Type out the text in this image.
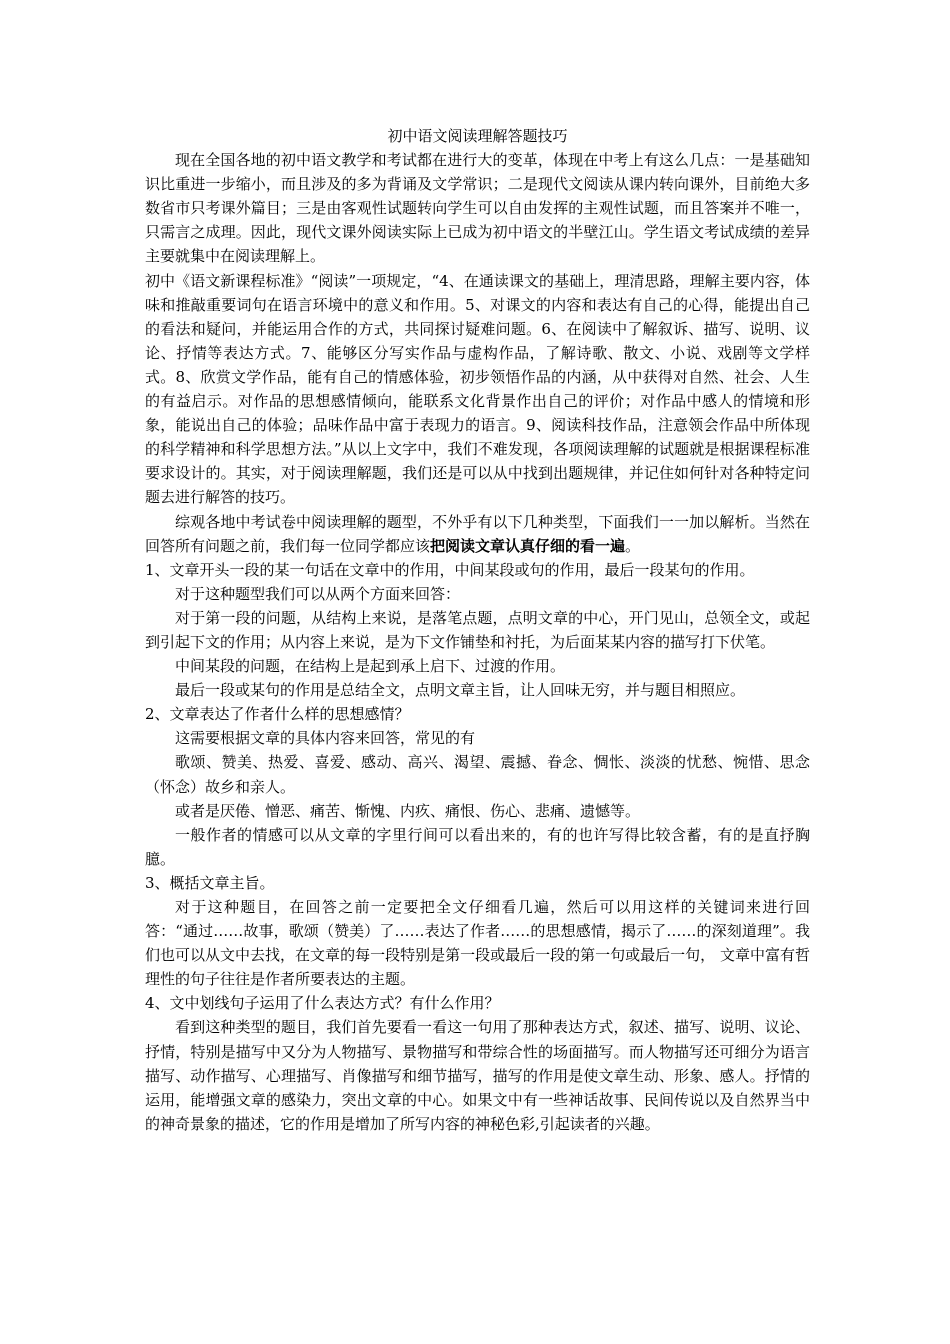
初中语文阅读理解答题技巧

现在全国各地的初中语文教学和考试都在进行大的变革，体现在中考上有这么几点：一是基础知识比重进一步缩小，而且涉及的多为背诵及文学常识；二是现代文阅读从课内转向课外，目前绝大多数省市只考课外篇目；三是由客观性试题转向学生可以自由发挥的主观性试题，而且答案并不唯一，只需言之成理。因此，现代文课外阅读实际上已成为初中语文的半壁江山。学生语文考试成绩的差异主要就集中在阅读理解上。

初中《语文新课程标准》“阅读”一项规定，“4、在通读课文的基础上，理清思路，理解主要内容，体味和推敲重要词句在语言环境中的意义和作用。5、对课文的内容和表达有自己的心得，能提出自己的看法和疑问，并能运用合作的方式，共同探讨疑难问题。6、在阅读中了解叙诉、描写、说明、议论、抒情等表达方式。7、能够区分写实作品与虚构作品，了解诗歌、散文、小说、戏剧等文学样式。8、欣赏文学作品，能有自己的情感体验，初步领悟作品的内涵，从中获得对自然、社会、人生的有益启示。对作品的思想感情倾向，能联系文化背景作出自己的评价；对作品中感人的情境和形象，能说出自己的体验；品味作品中富于表现力的语言。9、阅读科技作品，注意领会作品中所体现的科学精神和科学思想方法。”从以上文字中，我们不难发现，各项阅读理解的试题就是根据课程标准要求设计的。其实，对于阅读理解题，我们还是可以从中找到出题规律，并记住如何针对各种特定问题去进行解答的技巧。

综观各地中考试卷中阅读理解的题型，不外乎有以下几种类型，下面我们一一加以解析。当然在回答所有问题之前，我们每一位同学都应该把阅读文章认真仔细的看一遍。

1、文章开头一段的某一句话在文章中的作用，中间某段或句的作用，最后一段某句的作用。

对于这种题型我们可以从两个方面来回答：

对于第一段的问题，从结构上来说，是落笔点题，点明文章的中心，开门见山，总领全文，或起到引起下文的作用；从内容上来说，是为下文作铺垫和衬托，为后面某某内容的描写打下伏笔。

中间某段的问题，在结构上是起到承上启下、过渡的作用。

最后一段或某句的作用是总结全文，点明文章主旨，让人回味无穷，并与题目相照应。

2、文章表达了作者什么样的思想感情？

这需要根据文章的具体内容来回答，常见的有

歌颂、赞美、热爱、喜爱、感动、高兴、渴望、震撼、眷念、惆怅、淡淡的忧愁、惋惜、思念（怀念）故乡和亲人。

或者是厌倦、憎恶、痛苦、惭愧、内疚、痛恨、伤心、悲痛、遗憾等。

一般作者的情感可以从文章的字里行间可以看出来的，有的也许写得比较含蓄，有的是直抒胸臆。

3、概括文章主旨。

对于这种题目，在回答之前一定要把全文仔细看几遍，然后可以用这样的关键词来进行回答：“通过……故事，歌颂（赞美）了……表达了作者……的思想感情，揭示了……的深刻道理”。我们也可以从文中去找，在文章的每一段特别是第一段或最后一段的第一句或最后一句， 文章中富有哲理性的句子往往是作者所要表达的主题。

4、文中划线句子运用了什么表达方式？有什么作用？

看到这种类型的题目，我们首先要看一看这一句用了那种表达方式，叙述、描写、说明、议论、抒情，特别是描写中又分为人物描写、景物描写和带综合性的场面描写。而人物描写还可细分为语言描写、动作描写、心理描写、肖像描写和细节描写，描写的作用是使文章生动、形象、感人。抒情的运用，能增强文章的感染力，突出文章的中心。如果文中有一些神话故事、民间传说以及自然界当中的神奇景象的描述，它的作用是增加了所写内容的神秘色彩,引起读者的兴趣。
